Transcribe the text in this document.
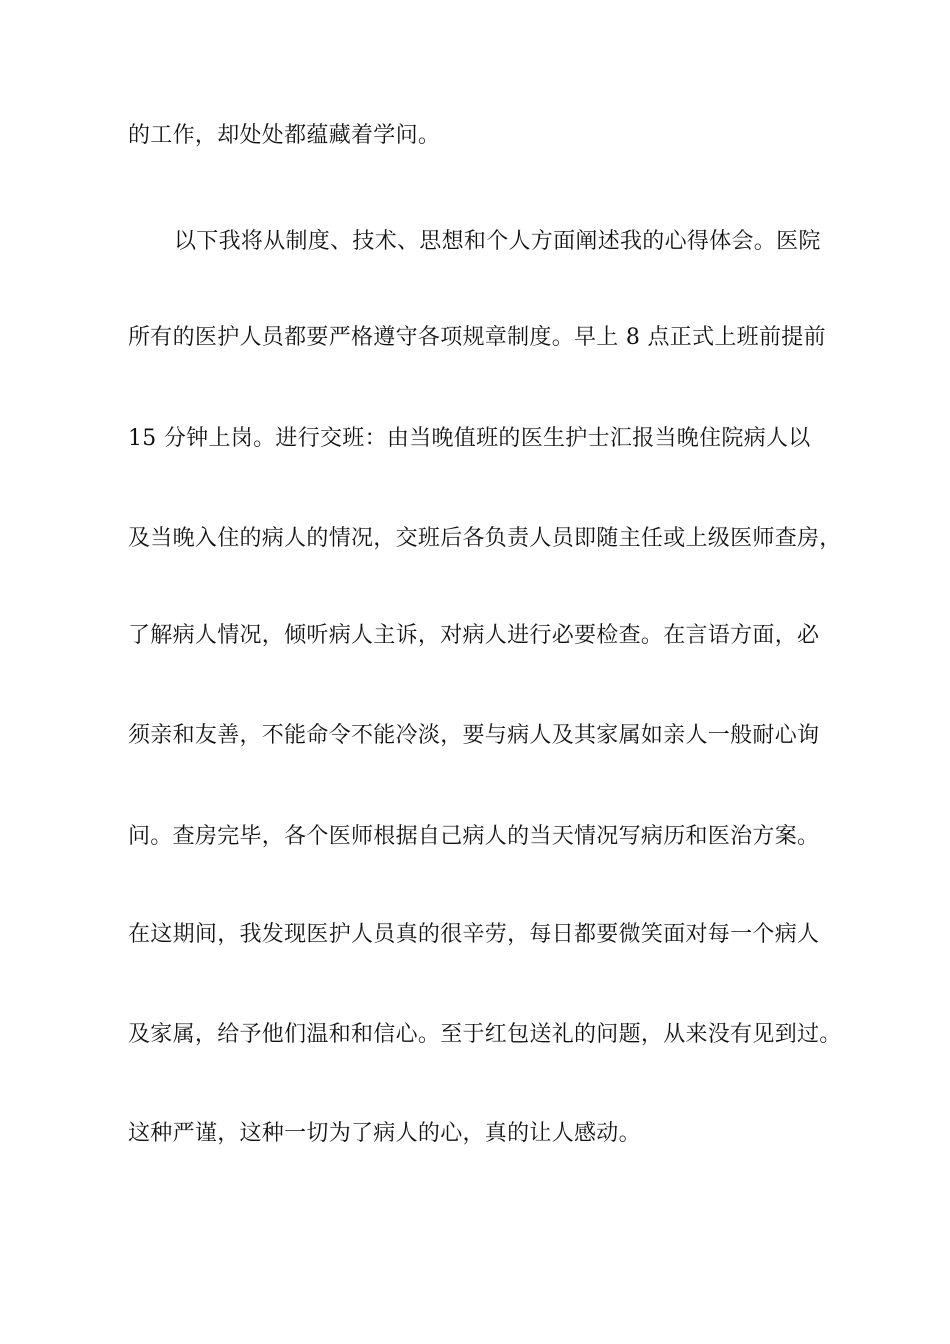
的工作，却处处都蕴藏着学问。
以下我将从制度、技术、思想和个人方面阐述我的心得体会。医院
所有的医护人员都要严格遵守各项规章制度。早上 8 点正式上班前提前
15 分钟上岗。进行交班：由当晚值班的医生护士汇报当晚住院病人以
及当晚入住的病人的情况，交班后各负责人员即随主任或上级医师查房，
了解病人情况，倾听病人主诉，对病人进行必要检查。在言语方面，必
须亲和友善，不能命令不能冷淡，要与病人及其家属如亲人一般耐心询
问。查房完毕，各个医师根据自己病人的当天情况写病历和医治方案。
在这期间，我发现医护人员真的很辛劳，每日都要微笑面对每一个病人
及家属，给予他们温和和信心。至于红包送礼的问题，从来没有见到过。
这种严谨，这种一切为了病人的心，真的让人感动。
